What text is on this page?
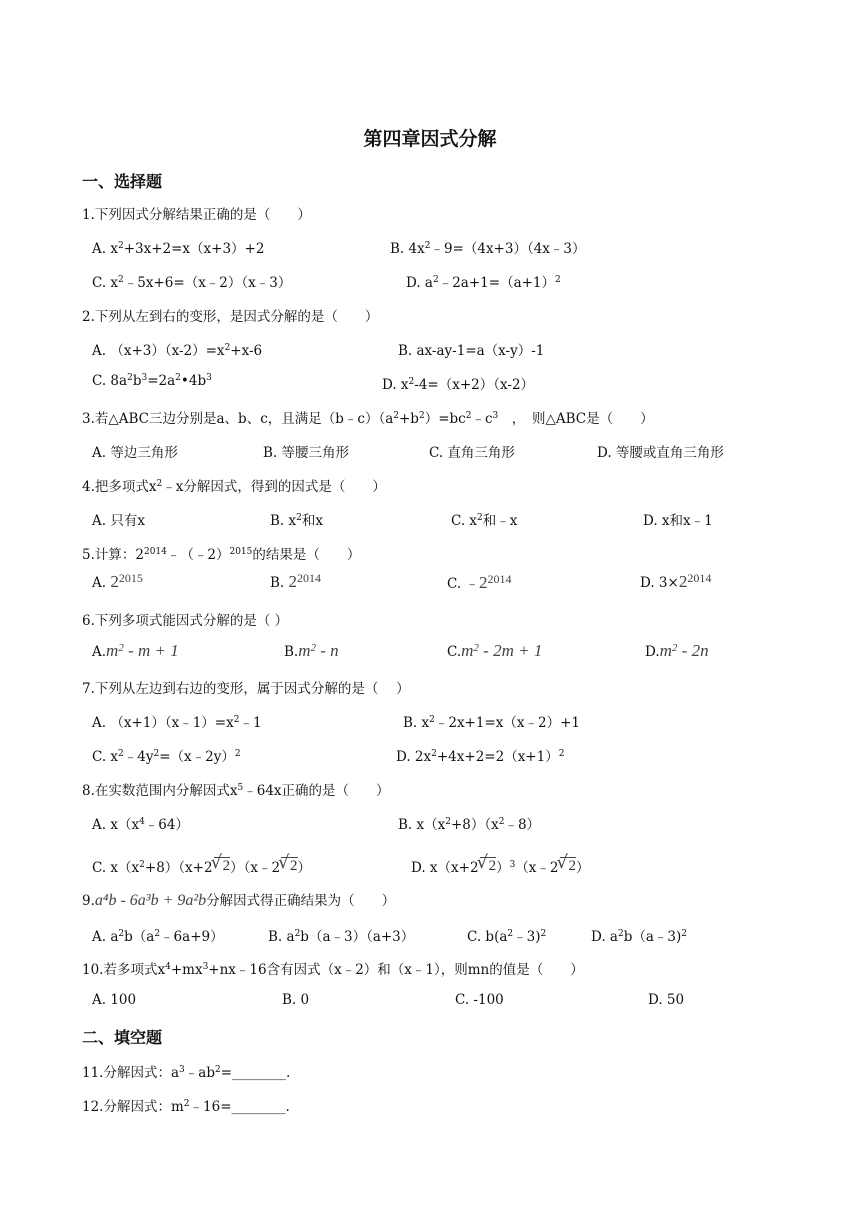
第四章因式分解
一、选择题
1.下列因式分解结果正确的是（　　）
A. $x^2+3x+2=x(x+3)+2$	B. $4x^2﹣9=(4x+3)(4x﹣3)$
C. $x^2﹣5x+6=(x﹣2)(x﹣3)$	D. $a^2﹣2a+1=(a+1)^2$
2.下列从左到右的变形，是因式分解的是（　　）
A. $(x+3)(x-2)=x^2+x-6$	B. ax-ay-1=a（x-y）-1
C. $8a^2b^3=2a^2•4b^3$	D. $x^2-4=(x+2)(x-2)$
3.若△ABC三边分别是a、b、c，且满足$(b﹣c)(a^2+b^2)=bc^2﹣c^3$　，　则△ABC是（　　）
A. 等边三角形	B. 等腰三角形	C. 直角三角形	D. 等腰或直角三角形
4.把多项式$x^2﹣x$分解因式，得到的因式是（　　）
A. 只有x	B. $x^2$和x	C. $x^2$和﹣x	D. x和x﹣1
5.计算：$2^{2014}﹣(﹣2)^{2015}$的结果是（　　）
A. $2^{2015}$	B. $2^{2014}$	C. $﹣2^{2014}$	D. $3\times 2^{2014}$
6.下列多项式能因式分解的是（ ）
$A.m^2 - m + 1$	$B.m^2$ - n	$C.m^2 - 2m + 1$	$D.m^2 - 2n$
7.下列从左边到右边的变形，属于因式分解的是（　 ）
A. $(x+1)(x﹣1)=x^2﹣1$	B. $x^2﹣2x+1=x(x﹣2)+1$
C. $x^2﹣4y^2=(x﹣2y)^2$	D. $2x^2+4x+2=2(x+1)^2$
8.在实数范围内分解因式$x^5﹣64x$正确的是（　　）
A. $x(x^4﹣64)$	B. $x(x^2+8)(x^2﹣8)$
C. $x(x^2+8)(x+2√$ 2）（x﹣2√ 2）	D. x（x+2√ 2）$^3$（x﹣2√ 2）
9.a⁴b - 6a³b + 9a²b分解因式得正确结果为（　　）
A. $a^2b(a^2﹣6a+9)$	B. $a^2b(a﹣3)(a+3)$	C. $b(a^2﹣3)^2$	D. $a^2b(a﹣3)^2$
10.若多项式$x^4+mx^3+nx﹣16$含有因式（x﹣2）和（x﹣1），则mn的值是（　　）
A. 100	B. 0	C. -100	D. 50
二、填空题
11.分解因式：$a^3﹣ab^2=\_\_\_\_\_\_\_\_$.
12.分解因式：$m^2﹣16=\_\_\_\_\_\_\_\_$.
